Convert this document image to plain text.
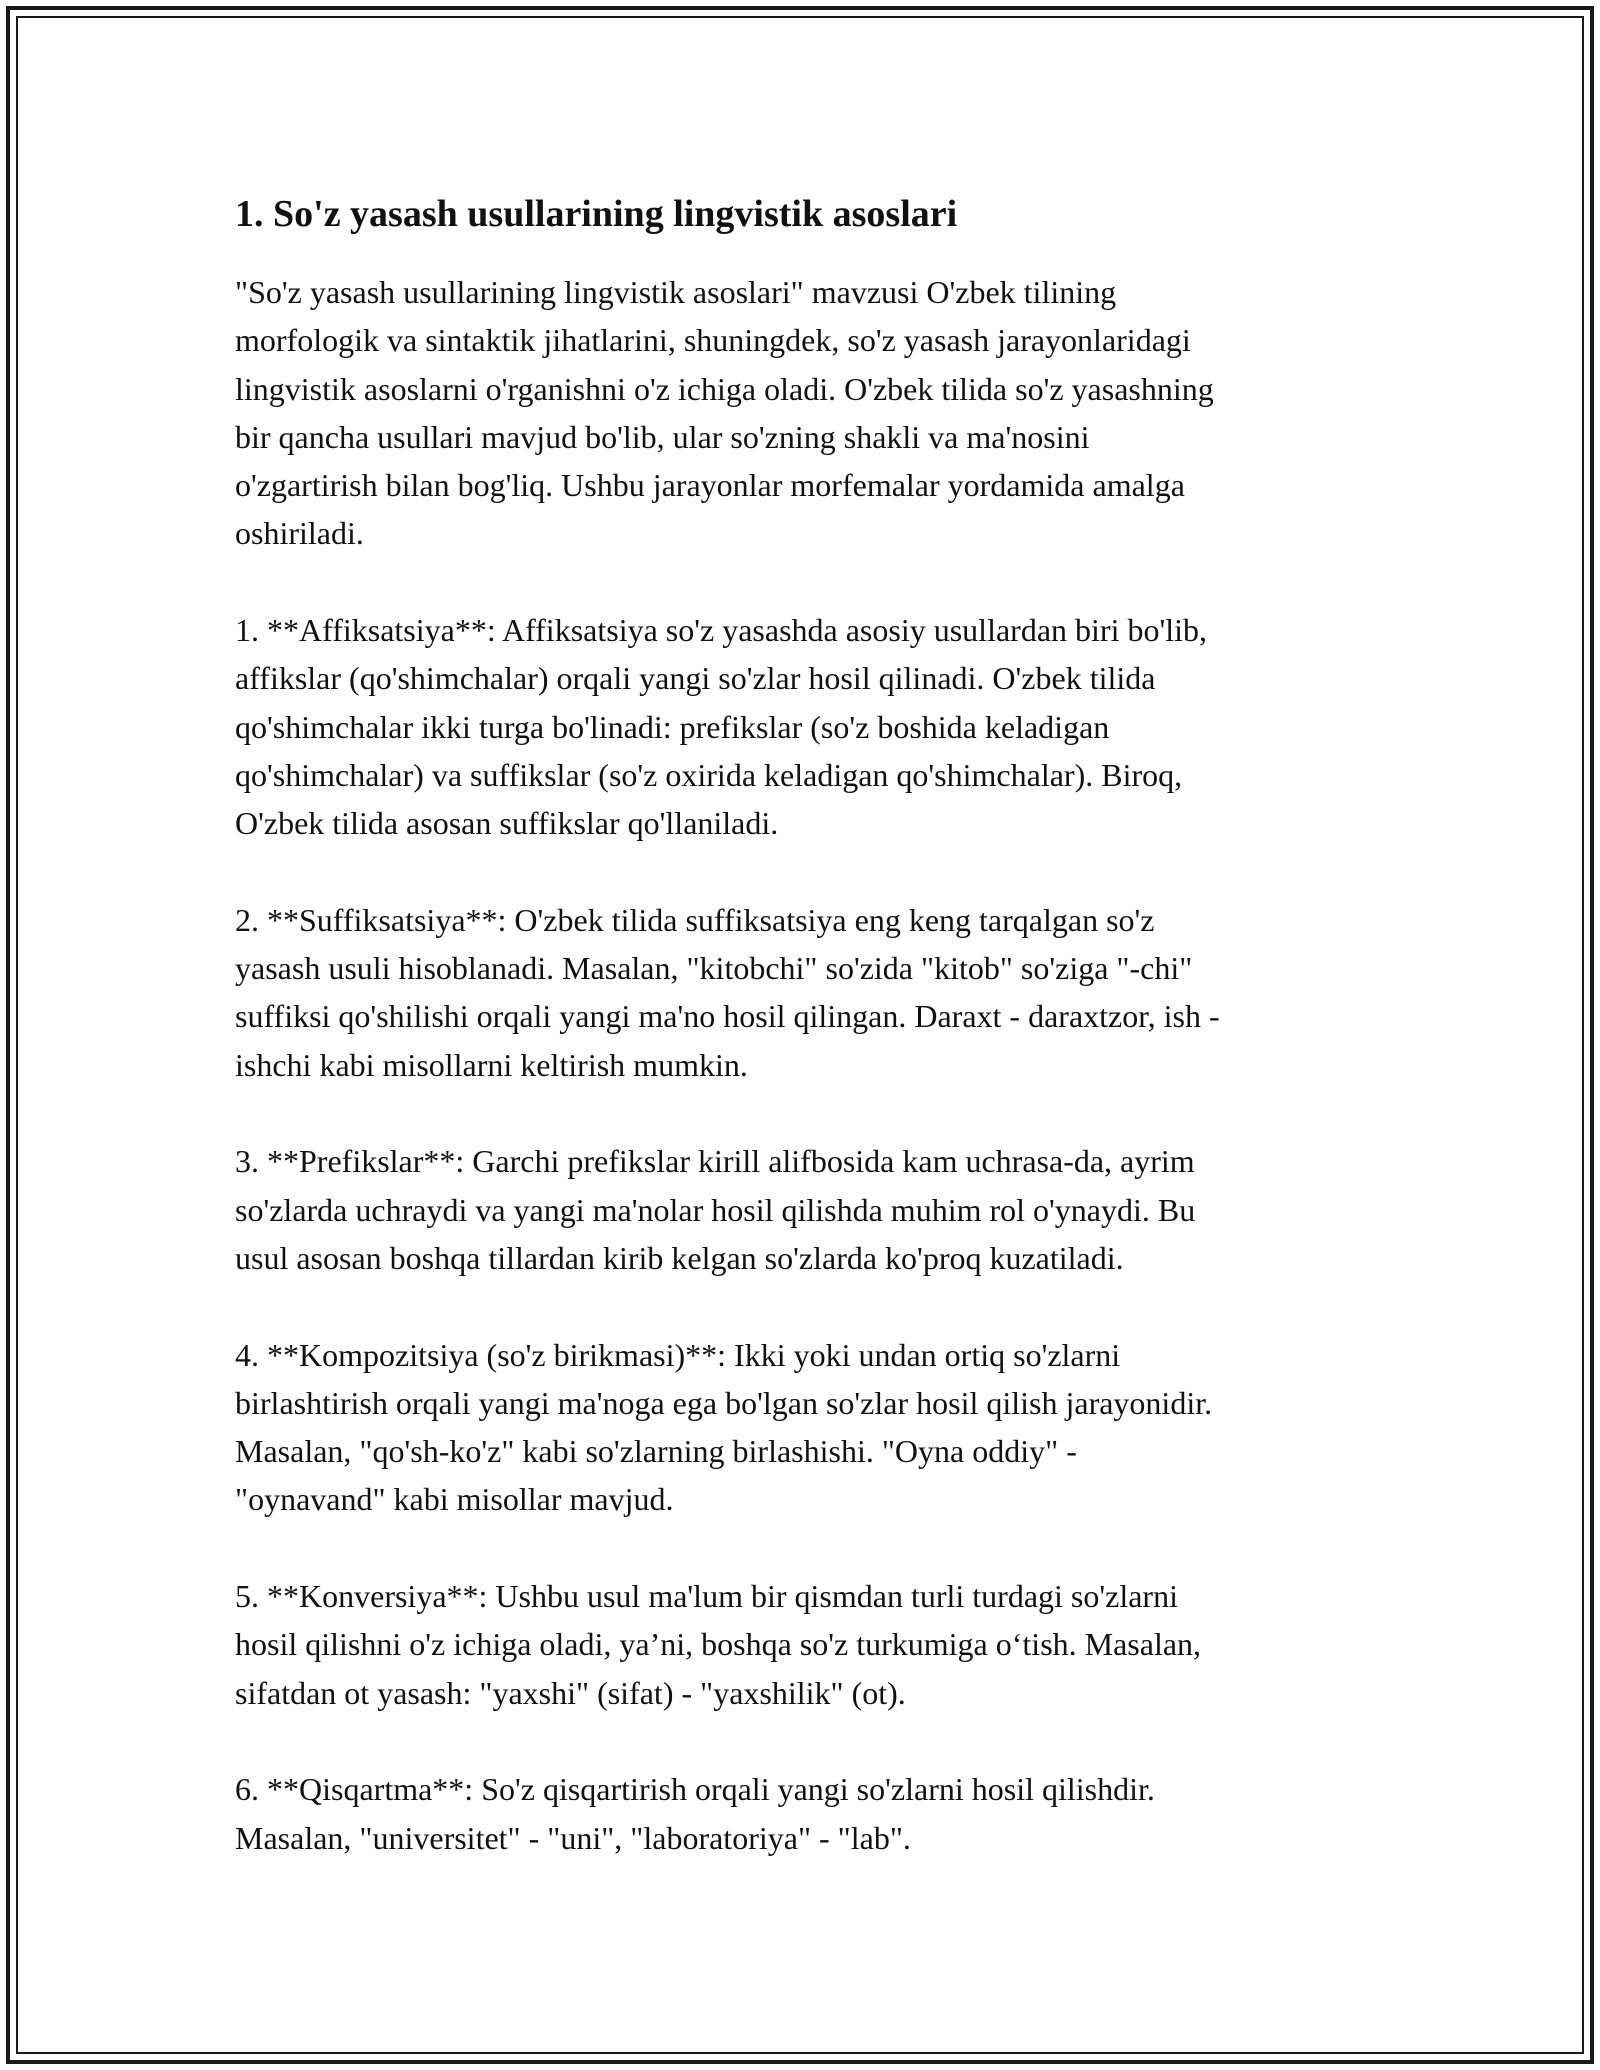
1. So'z yasash usullarining lingvistik asoslari
"So'z yasash usullarining lingvistik asoslari" mavzusi O'zbek tilining
morfologik va sintaktik jihatlarini, shuningdek, so'z yasash jarayonlaridagi
lingvistik asoslarni o'rganishni o'z ichiga oladi. O'zbek tilida so'z yasashning
bir qancha usullari mavjud bo'lib, ular so'zning shakli va ma'nosini
o'zgartirish bilan bog'liq. Ushbu jarayonlar morfemalar yordamida amalga
oshiriladi.
1. **Affiksatsiya**: Affiksatsiya so'z yasashda asosiy usullardan biri bo'lib,
affikslar (qo'shimchalar) orqali yangi so'zlar hosil qilinadi. O'zbek tilida
qo'shimchalar ikki turga bo'linadi: prefikslar (so'z boshida keladigan
qo'shimchalar) va suffikslar (so'z oxirida keladigan qo'shimchalar). Biroq,
O'zbek tilida asosan suffikslar qo'llaniladi.
2. **Suffiksatsiya**: O'zbek tilida suffiksatsiya eng keng tarqalgan so'z
yasash usuli hisoblanadi. Masalan, "kitobchi" so'zida "kitob" so'ziga "-chi"
suffiksi qo'shilishi orqali yangi ma'no hosil qilingan. Daraxt - daraxtzor, ish -
ishchi kabi misollarni keltirish mumkin.
3. **Prefikslar**: Garchi prefikslar kirill alifbosida kam uchrasa-da, ayrim
so'zlarda uchraydi va yangi ma'nolar hosil qilishda muhim rol o'ynaydi. Bu
usul asosan boshqa tillardan kirib kelgan so'zlarda ko'proq kuzatiladi.
4. **Kompozitsiya (so'z birikmasi)**: Ikki yoki undan ortiq so'zlarni
birlashtirish orqali yangi ma'noga ega bo'lgan so'zlar hosil qilish jarayonidir.
Masalan, "qo'sh-ko'z" kabi so'zlarning birlashishi. "Oyna oddiy" -
"oynavand" kabi misollar mavjud.
5. **Konversiya**: Ushbu usul ma'lum bir qismdan turli turdagi so'zlarni
hosil qilishni o'z ichiga oladi, ya’ni, boshqa so'z turkumiga o‘tish. Masalan,
sifatdan ot yasash: "yaxshi" (sifat) - "yaxshilik" (ot).
6. **Qisqartma**: So'z qisqartirish orqali yangi so'zlarni hosil qilishdir.
Masalan, "universitet" - "uni", "laboratoriya" - "lab".
